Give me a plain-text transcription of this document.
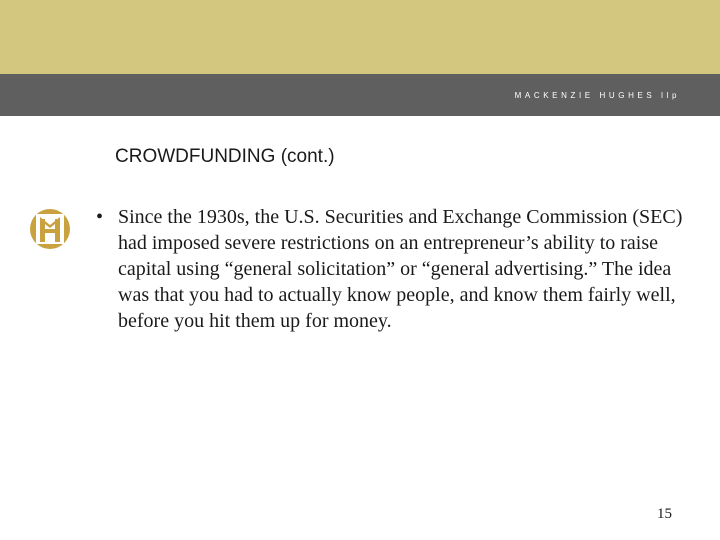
MACKENZIE HUGHES llp
CROWDFUNDING (cont.)
• Since the 1930s, the U.S. Securities and Exchange Commission (SEC) had imposed severe restrictions on an entrepreneur’s ability to raise capital using “general solicitation” or “general advertising.” The idea was that you had to actually know people, and know them fairly well, before you hit them up for money.
15
